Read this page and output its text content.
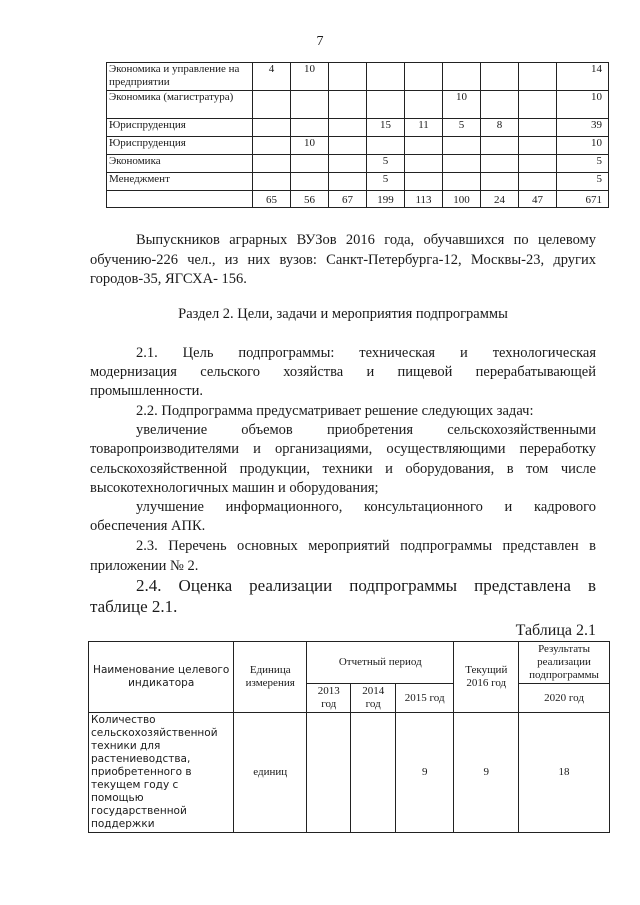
7
Экономика и управление на предприятии	4	10							14
Экономика (магистратура)						10			10
Юриспруденция				15	11	5	8		39
Юриспруденция		10							10
Экономика				5					5
Менеджмент				5					5
	65	56	67	199	113	100	24	47	671
Выпускников аграрных ВУЗов 2016 года, обучавшихся по целевому обучению-226 чел., из них вузов: Санкт-Петербурга-12, Москвы-23, других городов-35, ЯГСХА- 156.
Раздел 2. Цели, задачи и мероприятия подпрограммы
2.1. Цель подпрограммы: техническая и технологическая
модернизация сельского хозяйства и пищевой перерабатывающей
промышленности.
2.2. Подпрограмма предусматривает решение следующих задач:
увеличение объемов приобретения сельскохозяйственными
товаропроизводителями и организациями, осуществляющими переработку сельскохозяйственной продукции, техники и оборудования, в том числе высокотехнологичных машин и оборудования;
улучшение информационного, консультационного и кадрового
обеспечения АПК.
2.3. Перечень основных мероприятий подпрограммы представлен в приложении № 2.
2.4. Оценка реализации подпрограммы представлена в
таблице 2.1.
Таблица 2.1
Наименование целевого индикатора	Единица измерения	Отчетный период			Текущий 2016 год	Результаты реализации подпрограммы
		2013 год	2014 год	2015 год		2020 год
Количество сельскохозяйственной техники для растениеводства, приобретенного в текущем году с помощью государственной поддержки	единиц			9	9	18
